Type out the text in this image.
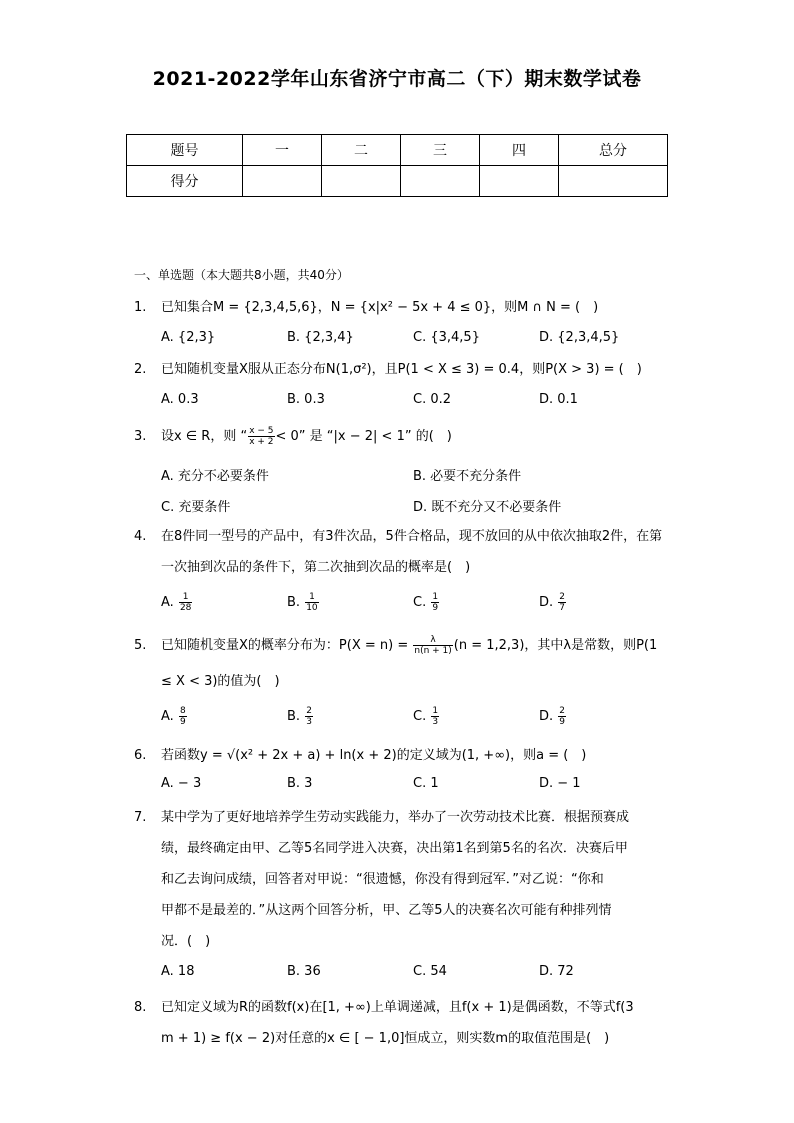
2021-2022学年山东省济宁市高二（下）期末数学试卷
题号	一	二	三	四	总分
得分					
一、单选题（本大题共8小题，共40分）
1. 已知集合M = {2,3,4,5,6}，N = {x|x² − 5x + 4 ≤ 0}，则M ∩ N = (　)
A. {2,3}	B. {2,3,4}	C. {3,4,5}	D. {2,3,4,5}
2. 已知随机变量X服从正态分布N(1,σ²)，且P(1 < X ≤ 3) = 0.4，则P(X > 3) = (　)
A. 0.3	B. 0.3	C. 0.2	D. 0.1
3. 设x ∈ R，则 “ $\frac{x - 5}{x + 2} < 0$” 是 “|x − 2| < 1” 的(　)
A. 充分不必要条件	B. 必要不充分条件
C. 充要条件	D. 既不充分又不必要条件
4. 在8件同一型号的产品中，有3件次品，5件合格品，现不放回的从中依次抽取2件，在第一次抽到次品的条件下，第二次抽到次品的概率是(　)
A. $\frac{1}{28}$	B. $\frac{1}{10}$	C. $\frac{1}{9}$	D. $\frac{2}{7}$
5. 已知随机变量X的概率分布为：$P(X = n) = \frac{\lambda}{n(n + 1)} (n = 1,2,3)$，其中λ是常数，则P(1
≤ X < 3)的值为(　)
A. $\frac{8}{9}$	B. $\frac{2}{3}$	C. $\frac{1}{3}$	D. $\frac{2}{9}$
6. 若函数y = √(x² + 2x + a) + ln(x + 2)的定义域为(1, +∞)，则a = (　)
A. − 3	B. 3	C. 1	D. − 1
7. 某中学为了更好地培养学生劳动实践能力，举办了一次劳动技术比赛．根据预赛成
绩，最终确定由甲、乙等5名同学进入决赛，决出第1名到第5名的名次．决赛后甲
和乙去询问成绩，回答者对甲说：“很遗憾，你没有得到冠军．”对乙说：“你和
甲都不是最差的．”从这两个回答分析，甲、乙等5人的决赛名次可能有种排列情
况．(　)
A. 18	B. 36	C. 54	D. 72
8. 已知定义域为R的函数f(x)在[1, +∞)上单调递减，且f(x + 1)是偶函数，不等式f(3
m + 1) ≥ f(x − 2)对任意的x ∈ [ − 1,0]恒成立，则实数m的取值范围是(　)
